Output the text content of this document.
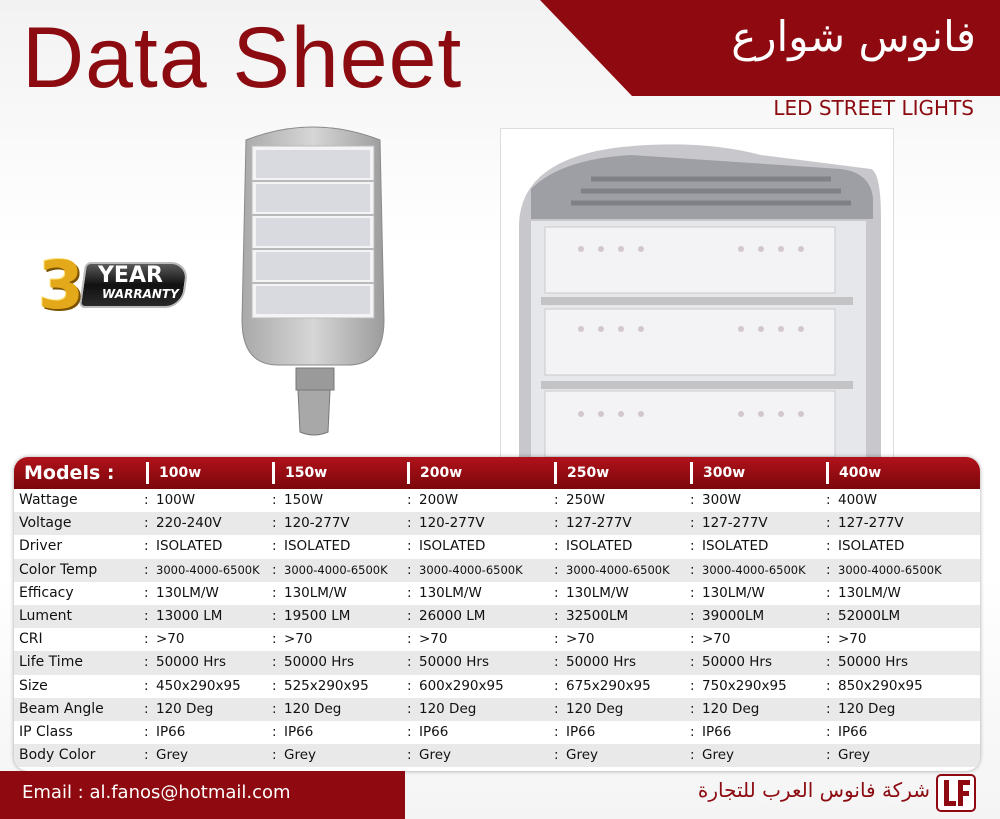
Data Sheet	فانوس شوارع
LED STREET LIGHTS
3 YEAR
WARRANTY
Models :	100w	150w	200w	250w	300w	400w
Wattage	: 100W	: 150W	: 200W	: 250W	: 300W	: 400W
Voltage	: 220-240V	: 120-277V	: 120-277V	: 127-277V	: 127-277V	: 127-277V
Driver	: ISOLATED	: ISOLATED	: ISOLATED	: ISOLATED	: ISOLATED	: ISOLATED
Color Temp	: 3000-4000-6500K : 3000-4000-6500K : 3000-4000-6500K : 3000-4000-6500K : 3000-4000-6500K : 3000-4000-6500K
Efficacy	: 130LM/W	: 130LM/W	: 130LM/W	: 130LM/W	: 130LM/W	: 130LM/W
Lument	: 13000 LM	: 19500 LM	: 26000 LM	: 32500LM	: 39000LM	: 52000LM
CRI	: >70	: >70	: >70	: >70	: >70	: >70
Life Time	: 50000 Hrs	: 50000 Hrs	: 50000 Hrs	: 50000 Hrs	: 50000 Hrs	: 50000 Hrs
Size	: 450x290x95 : 525x290x95	: 600x290x95	: 675x290x95	: 750x290x95	: 850x290x95
Beam Angle	: 120 Deg	: 120 Deg	: 120 Deg	: 120 Deg	: 120 Deg	: 120 Deg
IP Class	: IP66	: IP66	: IP66	: IP66	: IP66	: IP66
Body Color	: Grey	: Grey	: Grey	: Grey	: Grey	: Grey
Email : al.fanos@hotmail.com	شركة فانوس العرب للتجارة
